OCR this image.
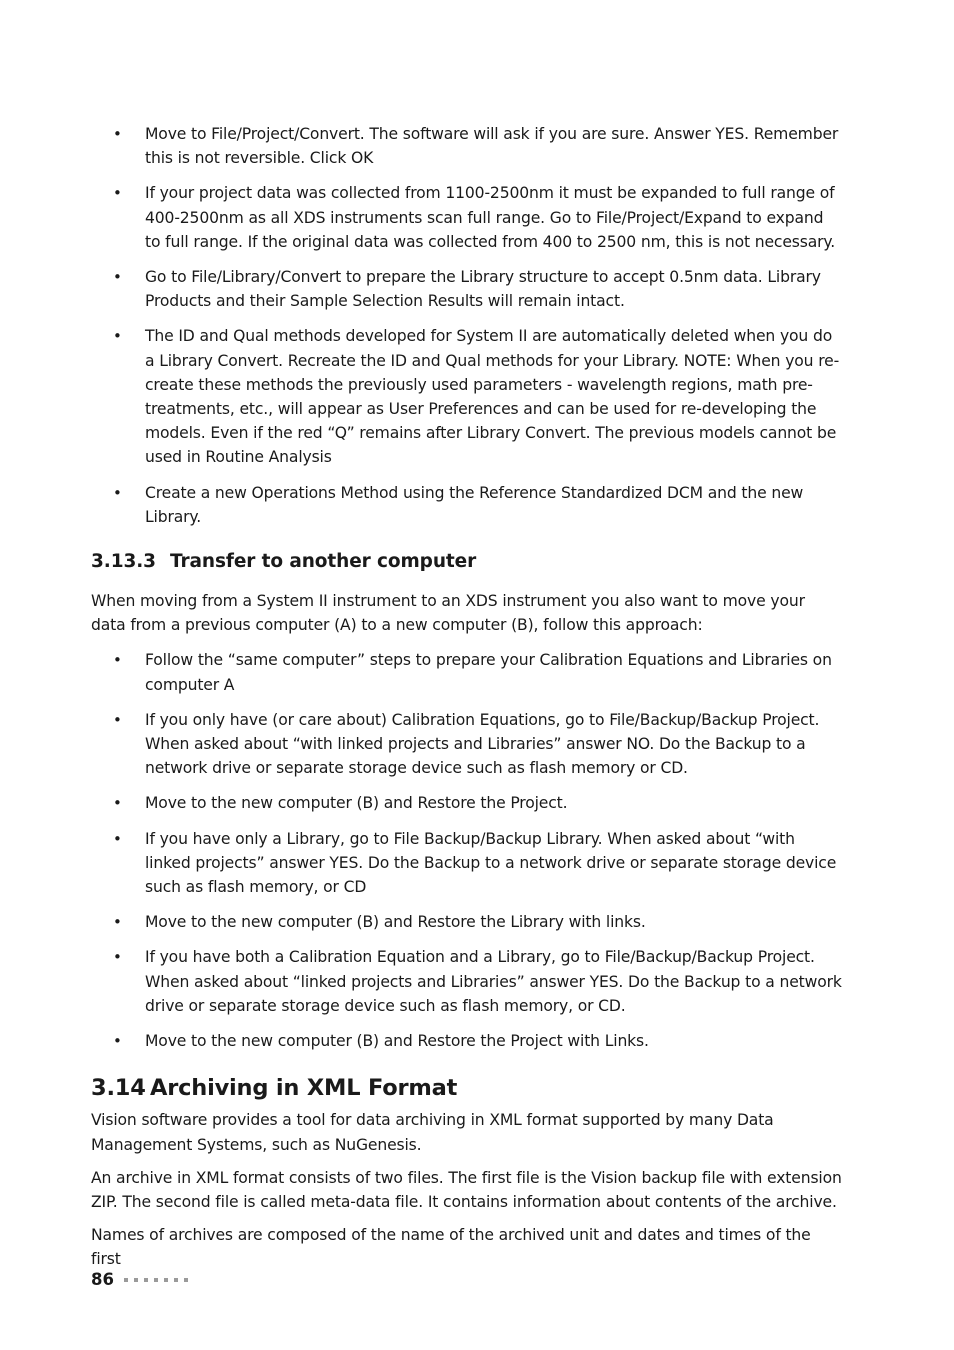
• Move to File/Project/Convert. The software will ask if you are sure. Answer YES. Remember this is not reversible. Click OK
• If your project data was collected from 1100-2500nm it must be expanded to full range of 400-2500nm as all XDS instruments scan full range. Go to File/Project/Expand to expand to full range. If the original data was collected from 400 to 2500 nm, this is not necessary.
• Go to File/Library/Convert to prepare the Library structure to accept 0.5nm data. Library Products and their Sample Selection Results will remain intact.
• The ID and Qual methods developed for System II are automatically deleted when you do a Library Convert. Recreate the ID and Qual methods for your Library. NOTE: When you re-create these methods the previously used parameters - wavelength regions, math pre-treatments, etc., will appear as User Preferences and can be used for re-developing the models. Even if the red “Q” remains after Library Convert. The previous models cannot be used in Routine Analysis
• Create a new Operations Method using the Reference Standardized DCM and the new Library.
3.13.3 Transfer to another computer

When moving from a System II instrument to an XDS instrument you also want to move your data from a previous computer (A) to a new computer (B), follow this approach:

• Follow the “same computer” steps to prepare your Calibration Equations and Libraries on computer A
• If you only have (or care about) Calibration Equations, go to File/Backup/Backup Project. When asked about “with linked projects and Libraries” answer NO. Do the Backup to a network drive or separate storage device such as flash memory or CD.
• Move to the new computer (B) and Restore the Project.
• If you have only a Library, go to File Backup/Backup Library. When asked about “with linked projects” answer YES. Do the Backup to a network drive or separate storage device such as flash memory, or CD
• Move to the new computer (B) and Restore the Library with links.
• If you have both a Calibration Equation and a Library, go to File/Backup/Backup Project. When asked about “linked projects and Libraries” answer YES. Do the Backup to a network drive or separate storage device such as flash memory, or CD.
• Move to the new computer (B) and Restore the Project with Links.
3.14 Archiving in XML Format

Vision software provides a tool for data archiving in XML format supported by many Data Management Systems, such as NuGenesis.

An archive in XML format consists of two files. The first file is the Vision backup file with extension ZIP. The second file is called meta-data file. It contains information about contents of the archive.

Names of archives are composed of the name of the archived unit and dates and times of the first

86
